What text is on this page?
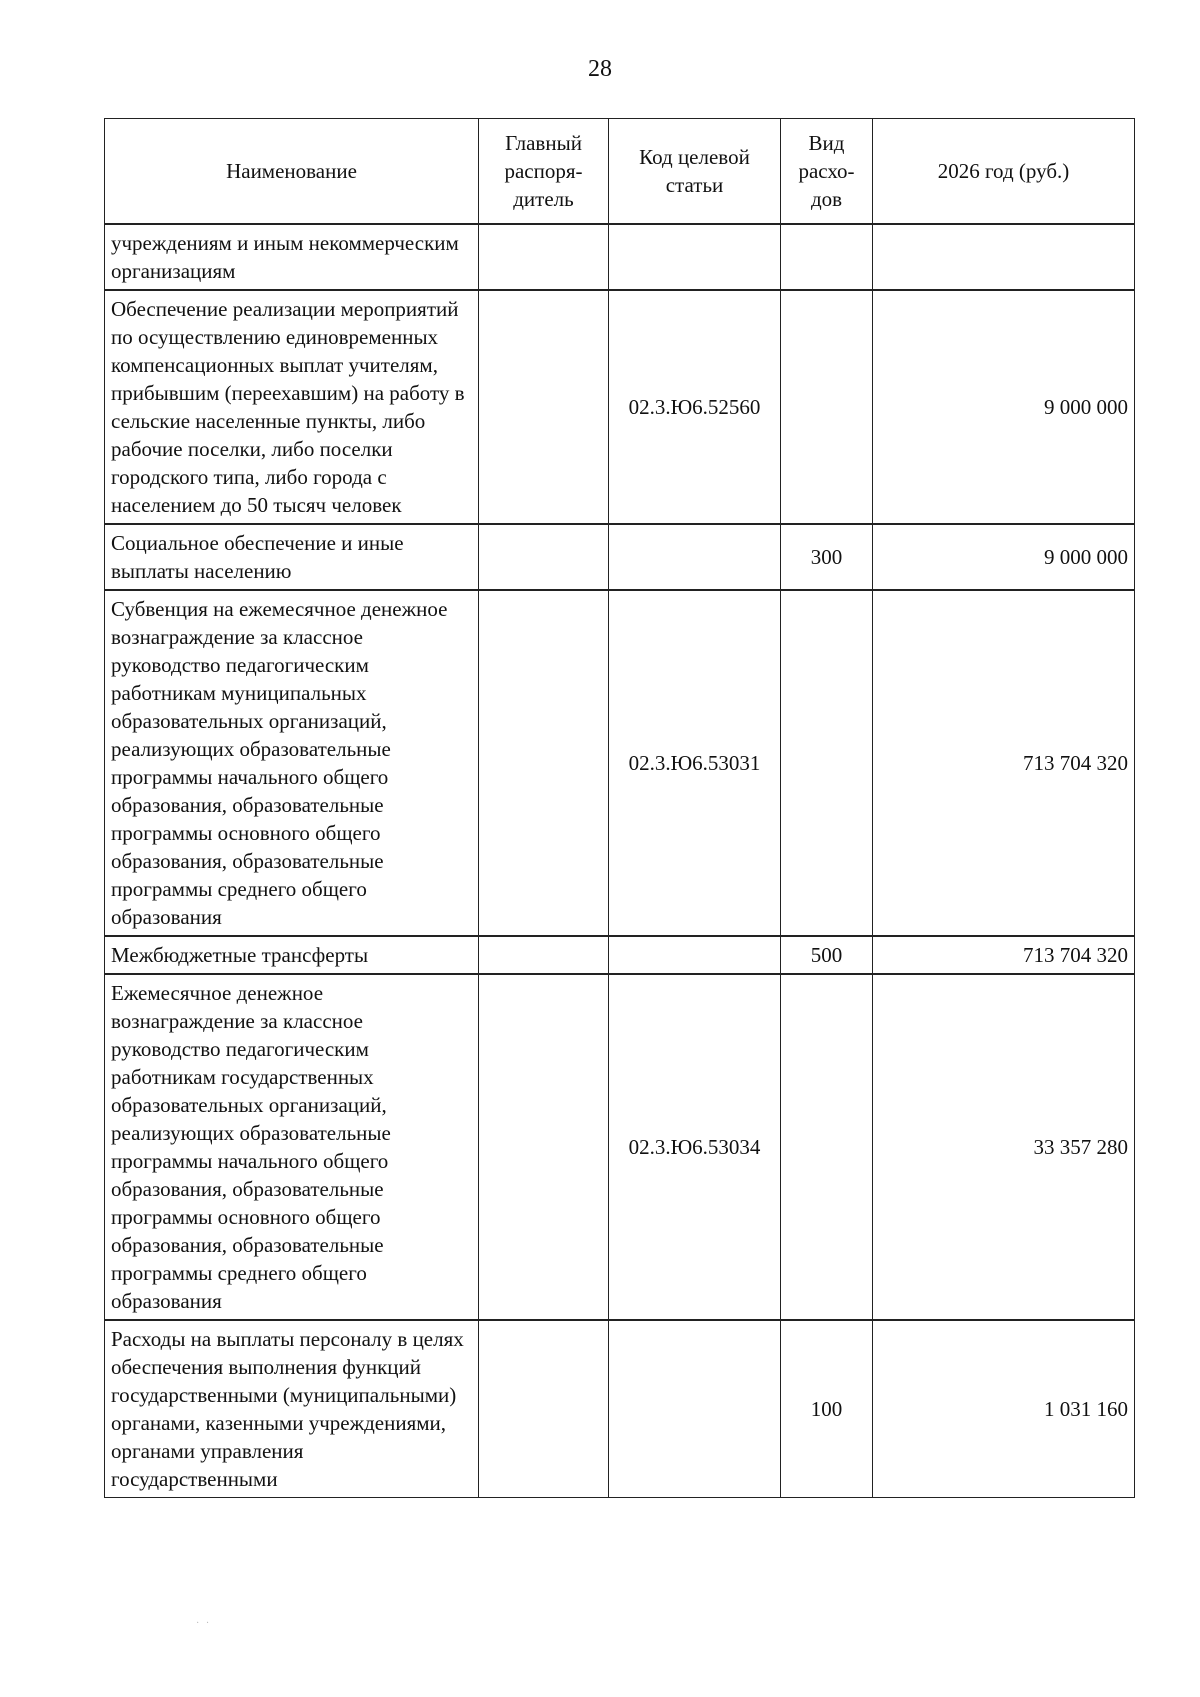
28
Наименование	Главный распоря-дитель	Код целевой статьи	Вид расхо-дов	2026 год (руб.)
учреждениям и иным некоммерческим организациям				
Обеспечение реализации мероприятий по осуществлению единовременных компенсационных выплат учителям, прибывшим (переехавшим) на работу в сельские населенные пункты, либо рабочие поселки, либо поселки городского типа, либо города с населением до 50 тысяч человек		02.3.Ю6.52560		9 000 000
Социальное обеспечение и иные выплаты населению			300	9 000 000
Субвенция на ежемесячное денежное вознаграждение за классное руководство педагогическим работникам муниципальных образовательных организаций, реализующих образовательные программы начального общего образования, образовательные программы основного общего образования, образовательные программы среднего общего образования		02.3.Ю6.53031		713 704 320
Межбюджетные трансферты			500	713 704 320
Ежемесячное денежное вознаграждение за классное руководство педагогическим работникам государственных образовательных организаций, реализующих образовательные программы начального общего образования, образовательные программы основного общего образования, образовательные программы среднего общего образования		02.3.Ю6.53034		33 357 280
Расходы на выплаты персоналу в целях обеспечения выполнения функций государственными (муниципальными) органами, казенными учреждениями, органами управления государственными			100	1 031 160
· ·
